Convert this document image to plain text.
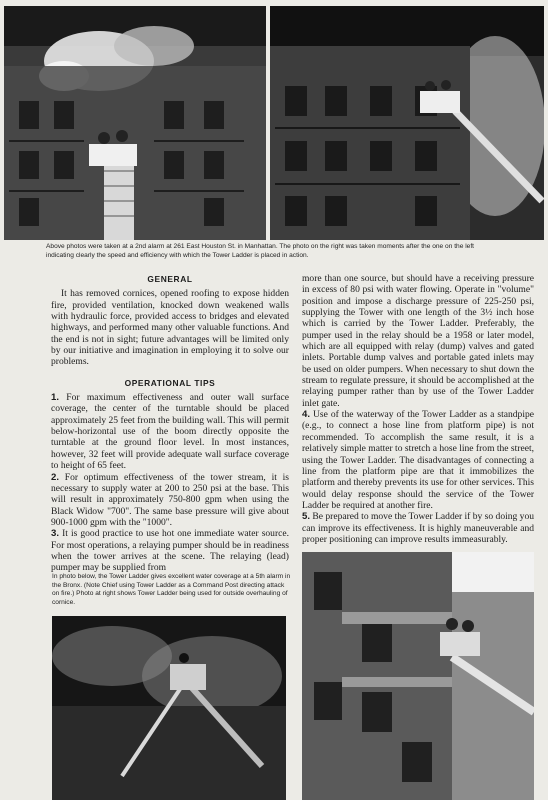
Above photos were taken at a 2nd alarm at 261 East Houston St. in Manhattan. The photo on the right was taken moments after the one on the left indicating clearly the speed and efficiency with which the Tower Ladder is placed in action.
GENERAL

It has removed cornices, opened roofing to expose hidden fire, provided ventilation, knocked down weakened walls with hydraulic force, provided access to bridges and elevated highways, and performed many other valuable functions. And the end is not in sight; future advantages will be limited only by our initiative and imagination in employing it to solve our problems.

OPERATIONAL TIPS

1. For maximum effectiveness and outer wall surface coverage, the center of the turntable should be placed approximately 25 feet from the building wall. This will permit below-horizontal use of the boom directly opposite the turntable at the ground floor level. In most instances, however, 32 feet will provide adequate wall surface coverage to height of 65 feet.

2. For optimum effectiveness of the tower stream, it is necessary to supply water at 200 to 250 psi at the base. This will result in approximately 750-800 gpm when using the Black Widow "700". The same base pressure will give about 900-1000 gpm with the "1000".

3. It is good practice to use hot one immediate water source. For most operations, a relaying pumper should be in readiness when the tower arrives at the scene. The relaying (lead) pumper may be supplied from

more than one source, but should have a receiving pressure in excess of 80 psi with water flowing. Operate in "volume" position and impose a discharge pressure of 225-250 psi, supplying the Tower with one length of the 3½ inch hose which is carried by the Tower Ladder. Preferably, the pumper used in the relay should be a 1958 or later model, which are all equipped with relay (dump) valves and gated inlets. Portable dump valves and portable gated inlets may be used on older pumpers. When necessary to shut down the stream to regulate pressure, it should be accomplished at the relaying pumper rather than by use of the Tower Ladder inlet gate.

4. Use of the waterway of the Tower Ladder as a standpipe (e.g., to connect a hose line from platform pipe) is not recommended. To accomplish the same result, it is a relatively simple matter to stretch a hose line from the street, using the Tower Ladder. The disadvantages of connecting a line from the platform pipe are that it immobilizes the platform and thereby prevents its use for other services. This would delay response should the service of the Tower Ladder be required at another fire.

5. Be prepared to move the Tower Ladder if by so doing you can improve its effectiveness. It is highly maneuverable and proper positioning can improve results immeasurably.

In photo below, the Tower Ladder gives excellent water coverage at a 5th alarm in the Bronx. (Note Chief using Tower Ladder as a Command Post directing attack on fire.) Photo at right shows Tower Ladder being used for outside overhauling of cornice.
